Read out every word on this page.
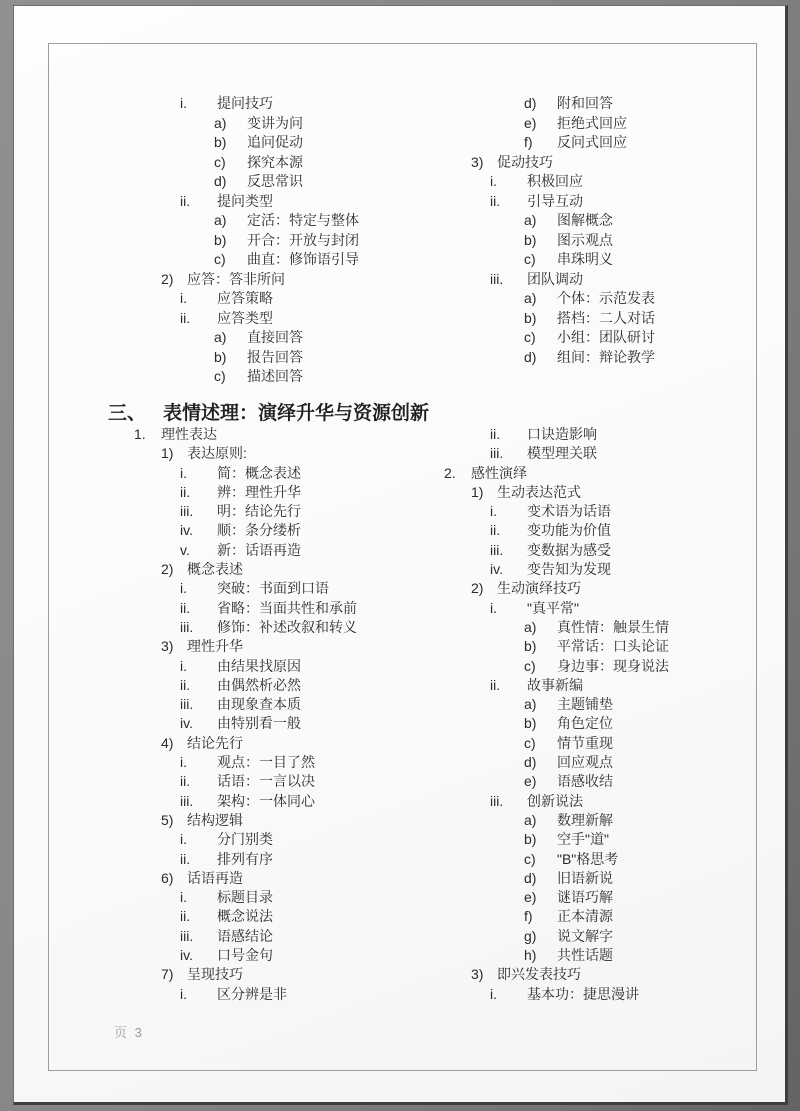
i.	提问技巧
a)	变讲为问
b)	追问促动
c)	探究本源
d)	反思常识
ii.	提问类型
a)	定活：特定与整体
b)	开合：开放与封闭
c)	曲直：修饰语引导
2) 应答：答非所问
i.	应答策略
ii.	应答类型
a)	直接回答
b)	报告回答
c)	描述回答
d)	附和回答
e)	拒绝式回应
f)	反问式回应
3) 促动技巧
i.	积极回应
ii.	引导互动
a)	图解概念
b)	图示观点
c)	串珠明义
iii.	团队调动
a)	个体：示范发表
b)	搭档：二人对话
c)	小组：团队研讨
d)	组间：辩论教学
三、 表情述理：演绎升华与资源创新
1.	理性表达
1) 表达原则:
i.	简：概念表述
ii.	辨：理性升华
iii.	明：结论先行
iv.	顺：条分缕析
v.	新：话语再造
2) 概念表述
i.	突破：书面到口语
ii.	省略：当面共性和承前
iii.	修饰：补述改叙和转义
3) 理性升华
i.	由结果找原因
ii.	由偶然析必然
iii.	由现象查本质
iv.	由特别看一般
4) 结论先行
i.	观点：一目了然
ii.	话语：一言以决
iii.	架构：一体同心
5) 结构逻辑
i.	分门别类
ii.	排列有序
6) 话语再造
i.	标题目录
ii.	概念说法
iii.	语感结论
iv.	口号金句
7) 呈现技巧
i.	区分辨是非
ii.	口诀造影响
iii.	模型理关联
2.	感性演绎
1) 生动表达范式
i.	变术语为话语
ii.	变功能为价值
iii.	变数据为感受
iv.	变告知为发现
2) 生动演绎技巧
i.	"真平常"
a)	真性情：触景生情
b)	平常话：口头论证
c)	身边事：现身说法
ii.	故事新编
a)	主题铺垫
b)	角色定位
c)	情节重现
d)	回应观点
e)	语感收结
iii.	创新说法
a)	数理新解
b)	空手"道"
c)	"B"格思考
d)	旧语新说
e)	谜语巧解
f)	正本清源
g)	说文解字
h)	共性话题
3) 即兴发表技巧
i.	基本功：捷思漫讲
页 3
